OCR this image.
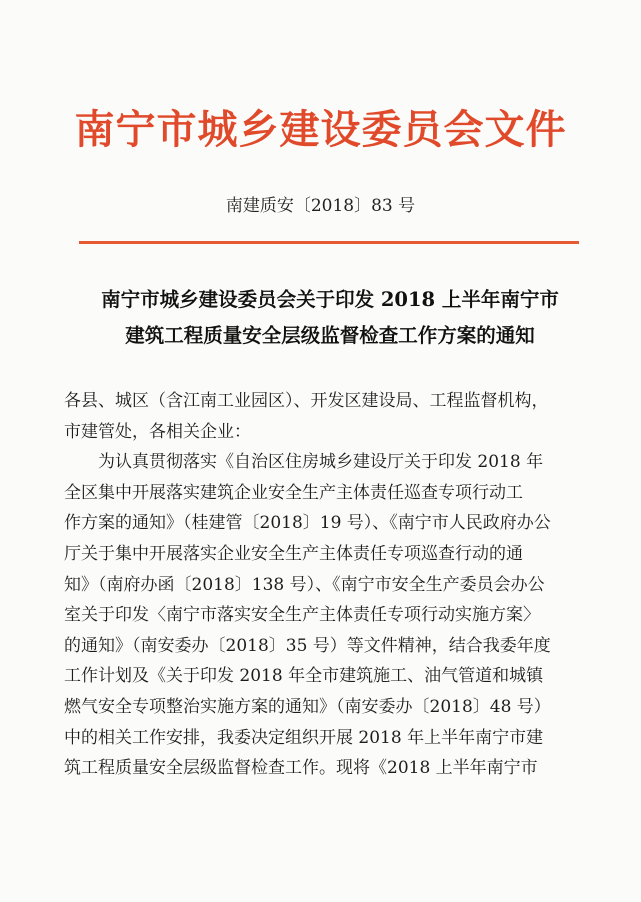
南宁市城乡建设委员会文件
南建质安〔2018〕83 号
南宁市城乡建设委员会关于印发 2018 上半年南宁市
建筑工程质量安全层级监督检查工作方案的通知
各县、城区（含江南工业园区）、开发区建设局、工程监督机构，
市建管处，各相关企业：
为认真贯彻落实《自治区住房城乡建设厅关于印发 2018 年
全区集中开展落实建筑企业安全生产主体责任巡查专项行动工
作方案的通知》（桂建管〔2018〕19 号）、《南宁市人民政府办公
厅关于集中开展落实企业安全生产主体责任专项巡查行动的通
知》（南府办函〔2018〕138 号）、《南宁市安全生产委员会办公
室关于印发〈南宁市落实安全生产主体责任专项行动实施方案〉
的通知》（南安委办〔2018〕35 号）等文件精神，结合我委年度
工作计划及《关于印发 2018 年全市建筑施工、油气管道和城镇
燃气安全专项整治实施方案的通知》（南安委办〔2018〕48 号）
中的相关工作安排，我委决定组织开展 2018 年上半年南宁市建
筑工程质量安全层级监督检查工作。现将《2018 上半年南宁市
